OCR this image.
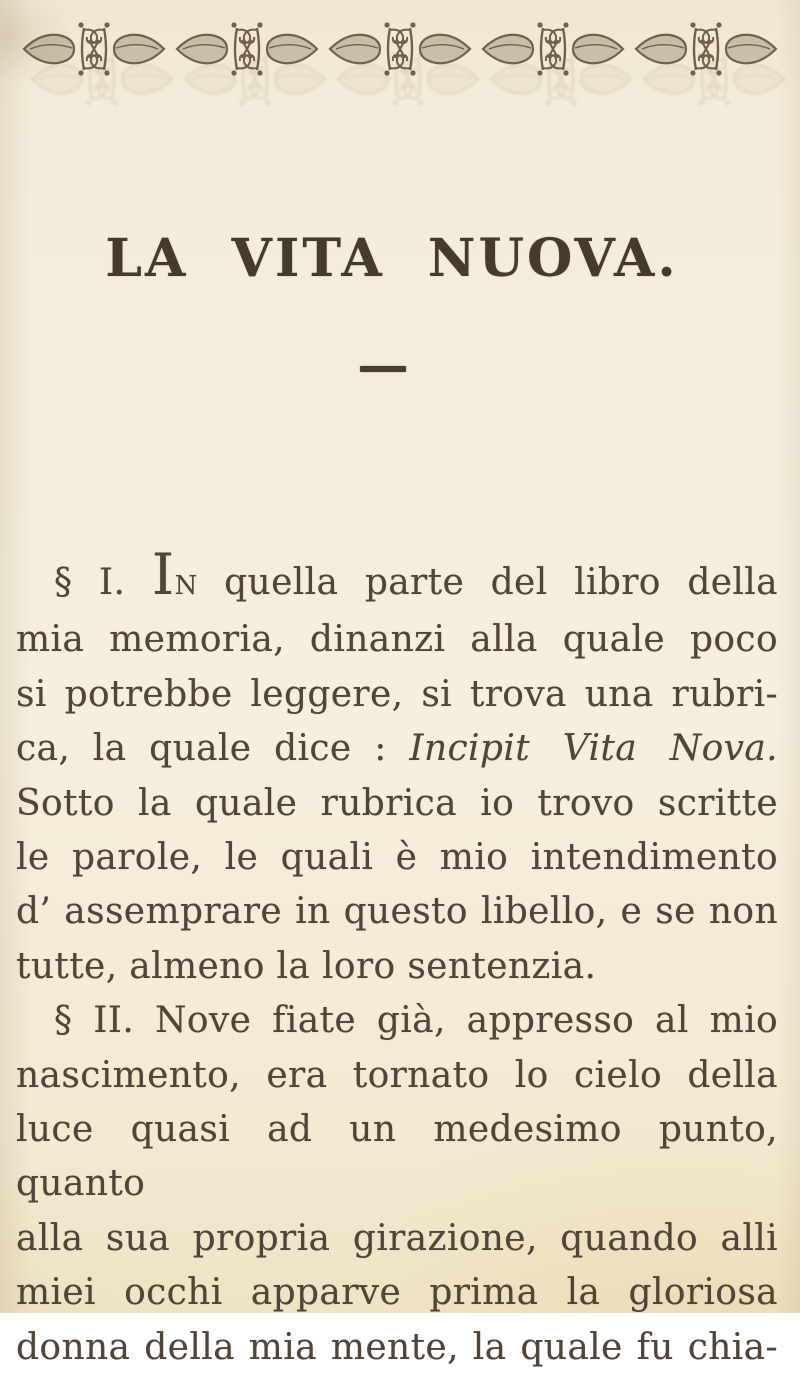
LA VITA NUOVA.
§ I. IN quella parte del libro della
mia memoria, dinanzi alla quale poco
si potrebbe leggere, si trova una rubri-
ca, la quale dice : Incipit Vita Nova.
Sotto la quale rubrica io trovo scritte
le parole, le quali è mio intendimento
d’ assemprare in questo libello, e se non
tutte, almeno la loro sentenzia.
§ II. Nove fiate già, appresso al mio
nascimento, era tornato lo cielo della
luce quasi ad un medesimo punto, quanto
alla sua propria girazione, quando alli
miei occhi apparve prima la gloriosa
donna della mia mente, la quale fu chia-
